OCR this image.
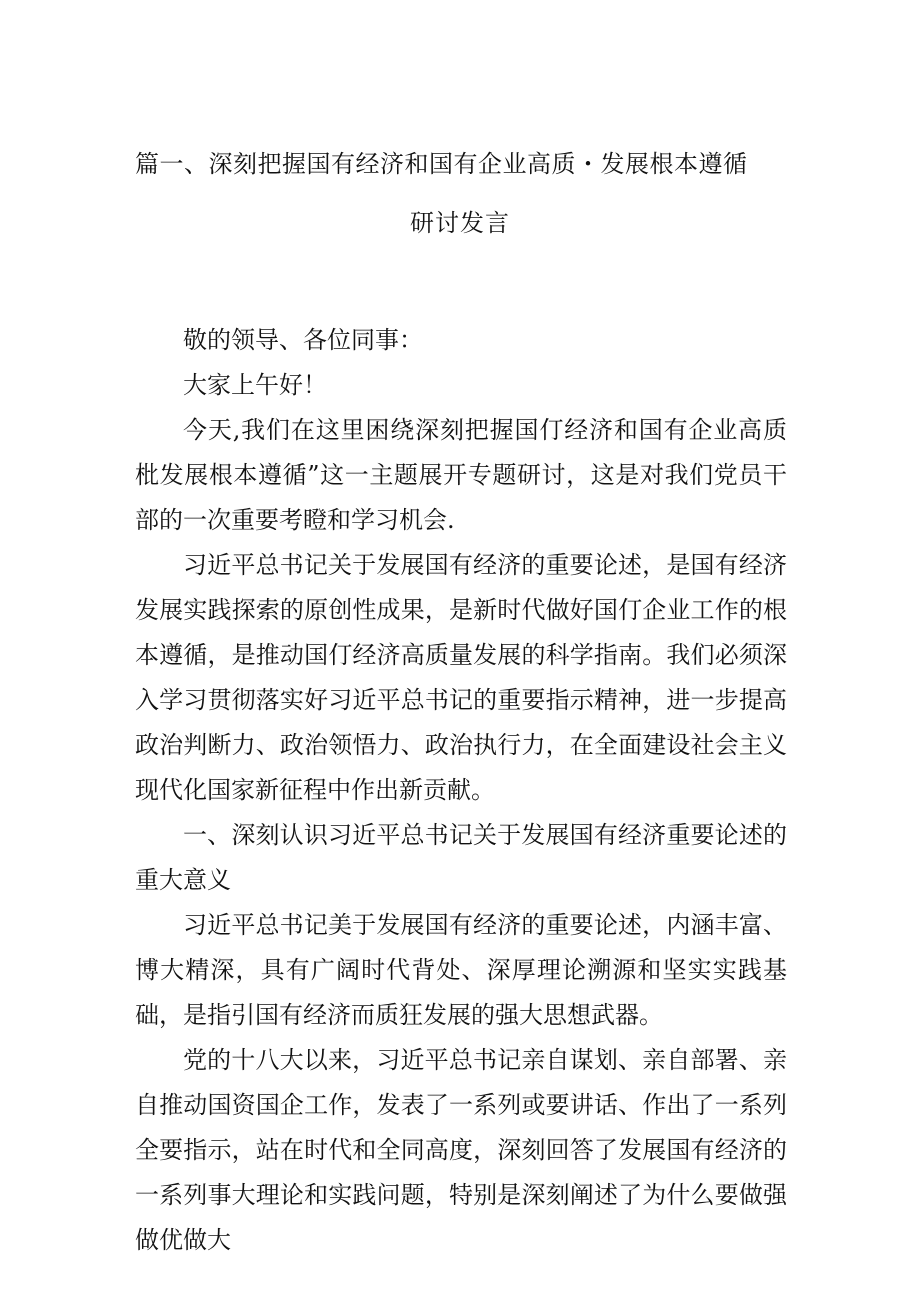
篇一、深刻把握国有经济和国有企业高质・发展根本遵循
研讨发言

敬的领导、各位同事：

大家上午好！

今天,我们在这里困绕深刻把握国仃经济和国有企业高质枇发展根本遵循”这一主题展开专题研讨，这是对我们党员干部的一次重要考瞪和学习机会.

习近平总书记关于发展国有经济的重要论述，是国有经济发展实践探索的原创性成果，是新时代做好国仃企业工作的根本遵循，是推动国仃经济高质量发展的科学指南。我们必须深入学习贯彻落实好习近平总书记的重要指示精神，进一步提高政治判断力、政治领悟力、政治执行力，在全面建设社会主义现代化国家新征程中作出新贡献。

一、深刻认识习近平总书记关于发展国有经济重要论述的重大意义

习近平总书记美于发展国有经济的重要论述，内涵丰富、博大精深，具有广阔时代背处、深厚理论溯源和坚实实践基础，是指引国有经济而质狂发展的强大思想武器。

党的十八大以来，习近平总书记亲自谋划、亲自部署、亲自推动国资国企工作，发表了一系列或要讲话、作出了一系列全要指示，站在时代和全同高度，深刻回答了发展国有经济的一系列事大理论和实践问题，特别是深刻阐述了为什么要做强做优做大
